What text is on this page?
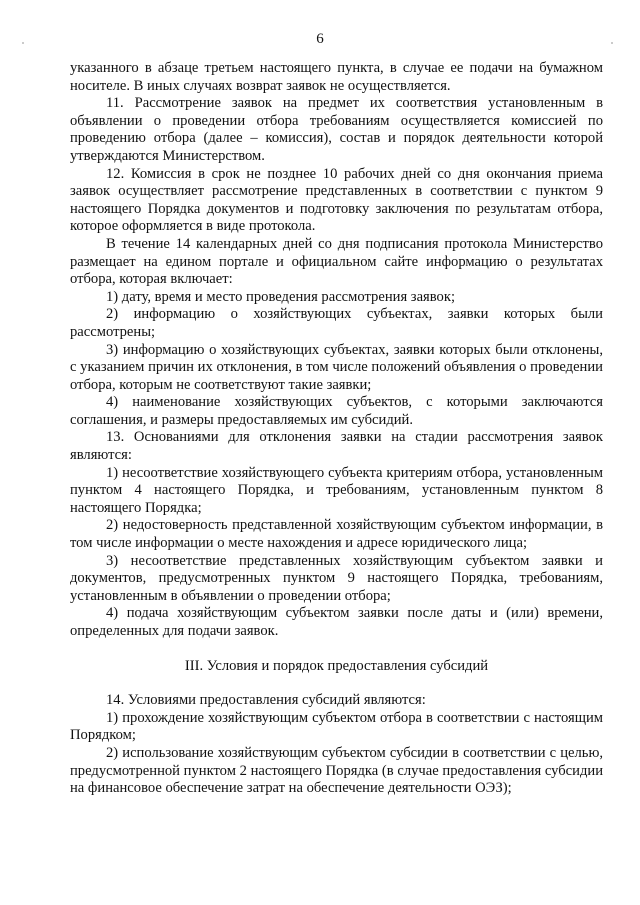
6

указанного в абзаце третьем настоящего пункта, в случае ее подачи на бумажном носителе. В иных случаях возврат заявок не осуществляется.

11. Рассмотрение заявок на предмет их соответствия установленным в объявлении о проведении отбора требованиям осуществляется комиссией по проведению отбора (далее – комиссия), состав и порядок деятельности которой утверждаются Министерством.

12. Комиссия в срок не позднее 10 рабочих дней со дня окончания приема заявок осуществляет рассмотрение представленных в соответствии с пунктом 9 настоящего Порядка документов и подготовку заключения по результатам отбора, которое оформляется в виде протокола.

В течение 14 календарных дней со дня подписания протокола Министерство размещает на едином портале и официальном сайте информацию о результатах отбора, которая включает:

1) дату, время и место проведения рассмотрения заявок;

2) информацию о хозяйствующих субъектах, заявки которых были рассмотрены;

3) информацию о хозяйствующих субъектах, заявки которых были отклонены, с указанием причин их отклонения, в том числе положений объявления о проведении отбора, которым не соответствуют такие заявки;

4) наименование хозяйствующих субъектов, с которыми заключаются соглашения, и размеры предоставляемых им субсидий.

13. Основаниями для отклонения заявки на стадии рассмотрения заявок являются:

1) несоответствие хозяйствующего субъекта критериям отбора, установленным пунктом 4 настоящего Порядка, и требованиям, установленным пунктом 8 настоящего Порядка;

2) недостоверность представленной хозяйствующим субъектом информации, в том числе информации о месте нахождения и адресе юридического лица;

3) несоответствие представленных хозяйствующим субъектом заявки и документов, предусмотренных пунктом 9 настоящего Порядка, требованиям, установленным в объявлении о проведении отбора;

4) подача хозяйствующим субъектом заявки после даты и (или) времени, определенных для подачи заявок.

III. Условия и порядок предоставления субсидий

14. Условиями предоставления субсидий являются:

1) прохождение хозяйствующим субъектом отбора в соответствии с настоящим Порядком;

2) использование хозяйствующим субъектом субсидии в соответствии с целью, предусмотренной пунктом 2 настоящего Порядка (в случае предоставления субсидии на финансовое обеспечение затрат на обеспечение деятельности ОЭЗ);
